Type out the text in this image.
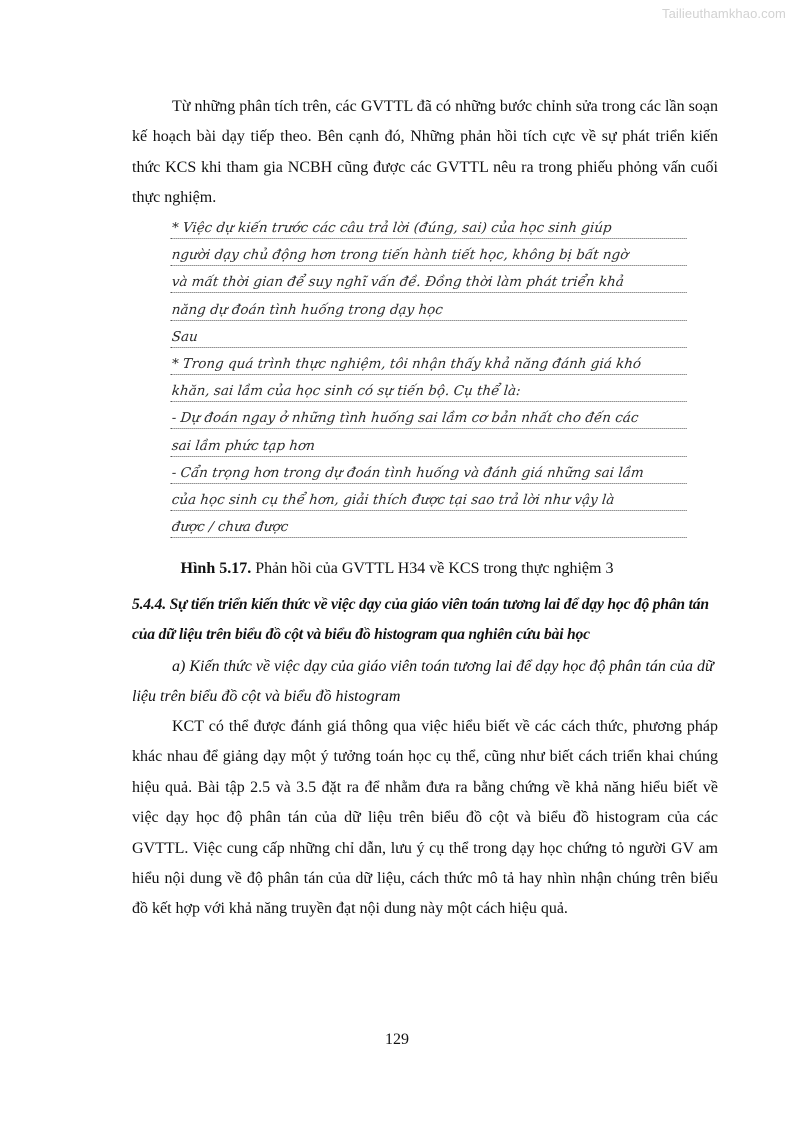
Tailieuthamkhao.com

Từ những phân tích trên, các GVTTL đã có những bước chỉnh sửa trong các lần soạn kế hoạch bài dạy tiếp theo. Bên cạnh đó, Những phản hồi tích cực về sự phát triển kiến thức KCS khi tham gia NCBH cũng được các GVTTL nêu ra trong phiếu phỏng vấn cuối thực nghiệm.

* Việc dự kiến trước các câu trả lời (đúng, sai) của học sinh giúp
người dạy chủ động hơn trong tiến hành tiết học, không bị bất ngờ
và mất thời gian để suy nghĩ vấn đề. Đồng thời làm phát triển khả
năng dự đoán tình huống trong dạy học
Sau
* Trong quá trình thực nghiệm, tôi nhận thấy khả năng đánh giá khó
khăn, sai lầm của học sinh có sự tiến bộ. Cụ thể là:
- Dự đoán ngay ở những tình huống sai lầm cơ bản nhất cho đến các
sai lầm phức tạp hơn
- Cẩn trọng hơn trong dự đoán tình huống và đánh giá những sai lầm
của học sinh cụ thể hơn, giải thích được tại sao trả lời như vậy là
được / chưa được
Hình 5.17. Phản hồi của GVTTL H34 về KCS trong thực nghiệm 3

5.4.4. Sự tiến triển kiến thức về việc dạy của giáo viên toán tương lai để dạy học độ phân tán của dữ liệu trên biểu đồ cột và biểu đồ histogram qua nghiên cứu bài học

a) Kiến thức về việc dạy của giáo viên toán tương lai để dạy học độ phân tán của dữ liệu trên biểu đồ cột và biểu đồ histogram

KCT có thể được đánh giá thông qua việc hiểu biết về các cách thức, phương pháp khác nhau để giảng dạy một ý tưởng toán học cụ thể, cũng như biết cách triển khai chúng hiệu quả. Bài tập 2.5 và 3.5 đặt ra để nhằm đưa ra bằng chứng về khả năng hiểu biết về việc dạy học độ phân tán của dữ liệu trên biểu đồ cột và biểu đồ histogram của các GVTTL. Việc cung cấp những chỉ dẫn, lưu ý cụ thể trong dạy học chứng tỏ người GV am hiểu nội dung về độ phân tán của dữ liệu, cách thức mô tả hay nhìn nhận chúng trên biểu đồ kết hợp với khả năng truyền đạt nội dung này một cách hiệu quả.

129
